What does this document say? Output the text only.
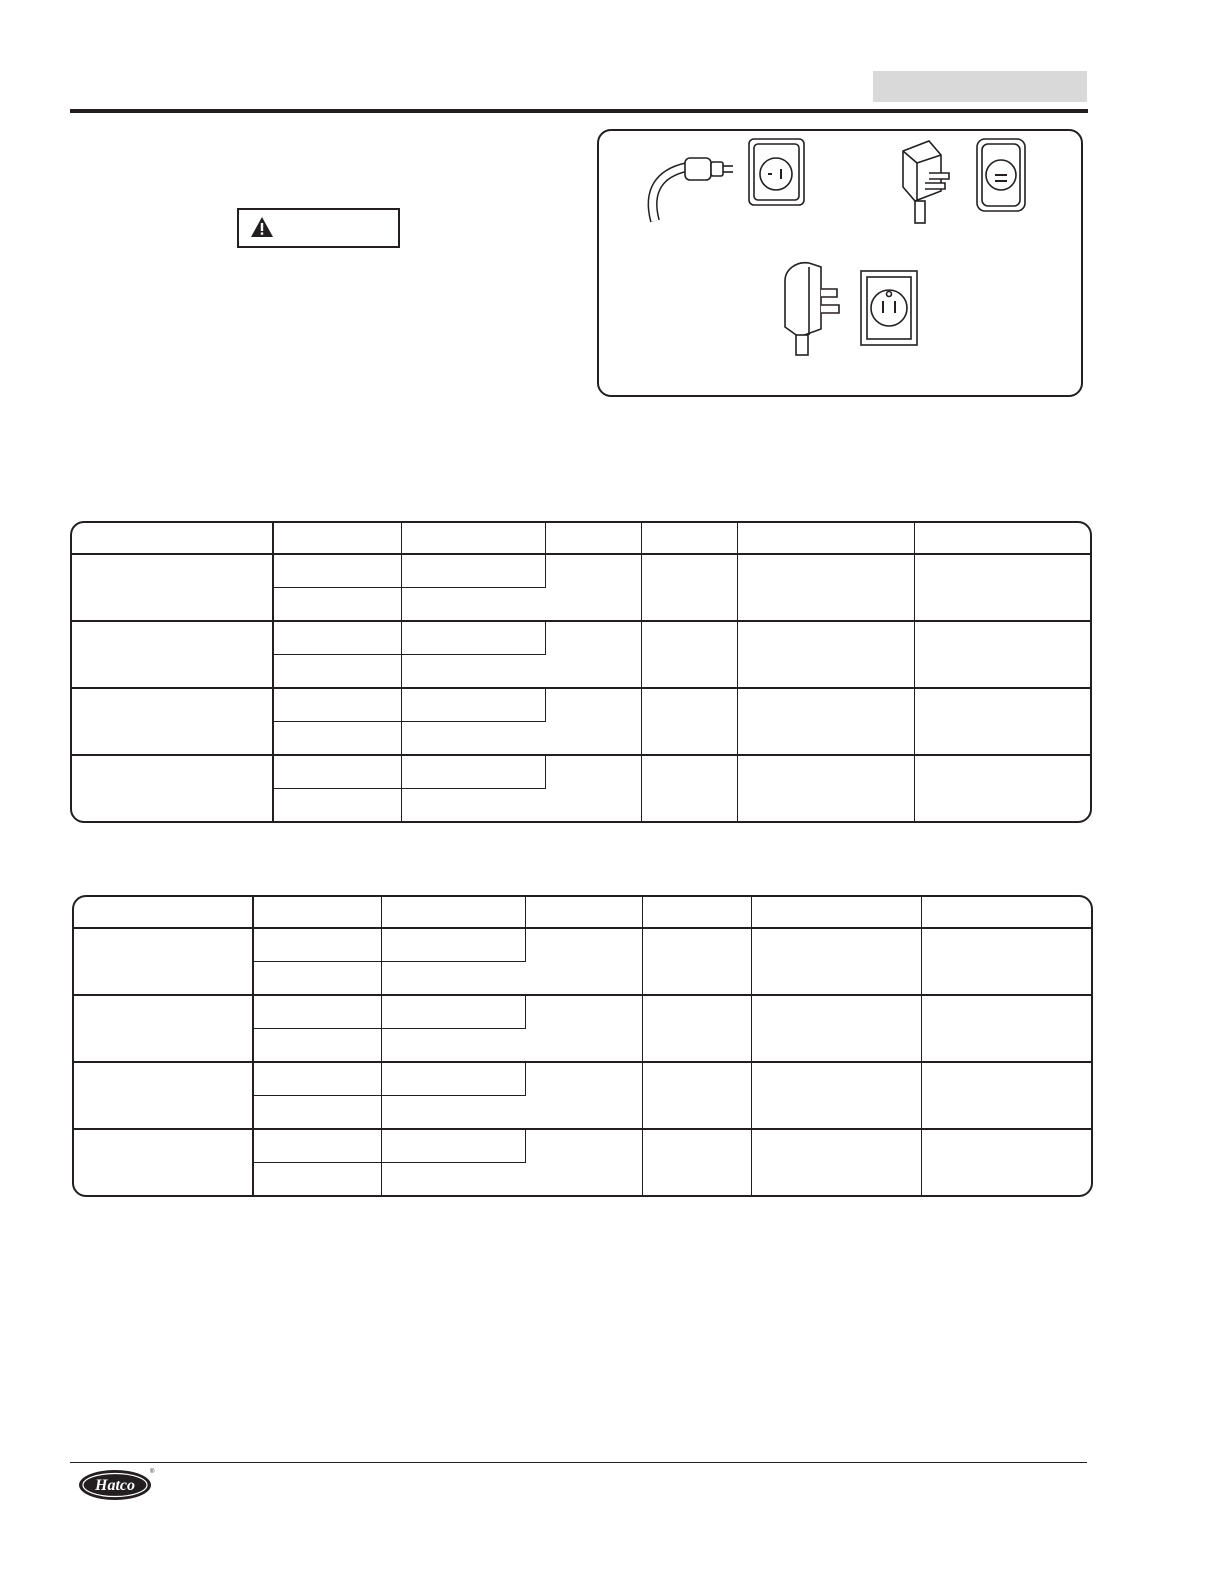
Hatco
®
